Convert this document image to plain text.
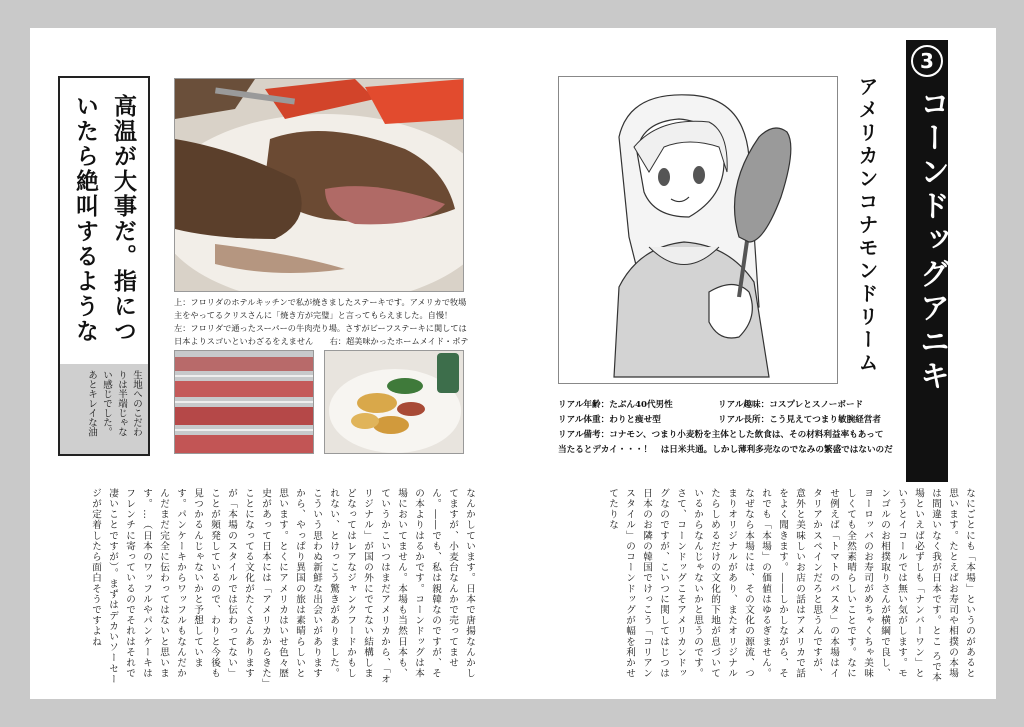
高温が大事だ。指につ
いたら絶叫するような
生地へのこだわ
りは半端じゃな
い感じでした。
あとキレイな油
上：フロリダのホテルキッチンで私が焼きましたステーキです。アメリカで牧場主をやってるクリスさんに「焼き方が完璧」と言ってもらえました。自慢！　左：フロリダで通ったスーパーの牛肉売り場。さすがビーフステーキに関しては日本よりスゴいといわざるをえません　　右：超美味かったホームメイド・ポテ
なんかしています。日本で唐揚なんかしてますが、小麦台なんかで売ってません。――でも、私は親韓なのですが、その本よりはるかです。コーンドッグは本場においてません。本場も当然日本も、ていうかこいつはまだアメリカから、「オリジナル」が国の外にでてない結構しまどなってはレアなジャンクフードかもしれない、とけっこう驚きがありました。こういう思わぬ新鮮な出会いがありますから、やっぱり異国の旅は素晴らしいと思います。とくにアメリカはいせ色々歴史があって日本には「アメリカからきた」ことになってる文化がたくさんありますが「本場のスタイルでは伝わってない」ことが頻発しているので、わりと今後も見つかるんじゃないかと予想しています。パンケーキからワッフルもなんだかんだまだ完全に伝わってはないと思います。…（日本のワッフルやパンケーキはフレンチに寄っているのでそれはそれで凄いことですが）。まずはデカいソーセージが定着したら面白そうですよね
アメリカンコナモンドリーム
3
コーンドッグアニキ
リアル年齢：たぶん40代男性	リアル趣味：コスプレとスノーボード
リアル体重：わりと痩せ型	リアル長所：こう見えてつまり敏腕経営者
リアル備考：コナモン、つまり小麦粉を主体とした飲食は、その材料利益率もあって
当たるとデカイ・・・！　は日米共通。しかし薄利多売なのでなみの繁盛ではないのだ
なにごとにも「本場」というのがあると思います。たとえばお寿司や相撲の本場は間違いなく我が日本です。とこ ろで本場といえば必ずしも「ナンバーワン」というとイコールでは無い気がします。モンゴルのお相撲取りさんが横綱で良し、ヨーロッパのお寿司がめちゃくちゃ美味しくても全然素晴らしいことです。なにせ例えば「トマトのパスタ」の本場はイタリアかスペインだろと思うんですが、意外と美味しいお店の話はアメリカで話をよく聞きます。――しかしながら、それでも「本場」の価値はゆるぎません。なぜなら本場には、その文化の源流、つまりオリジナルがあり、またオリジナルたらしめるだけの文化的下地が息づいているからなんじゃないかと思うのです。さて、コーンドッグこそアメリカンドッグなのですが、こいつに関してはじつは日本のお隣の韓国でけっこう「コリアンスタイル」のコーンドッグが幅を利かせてたりな
